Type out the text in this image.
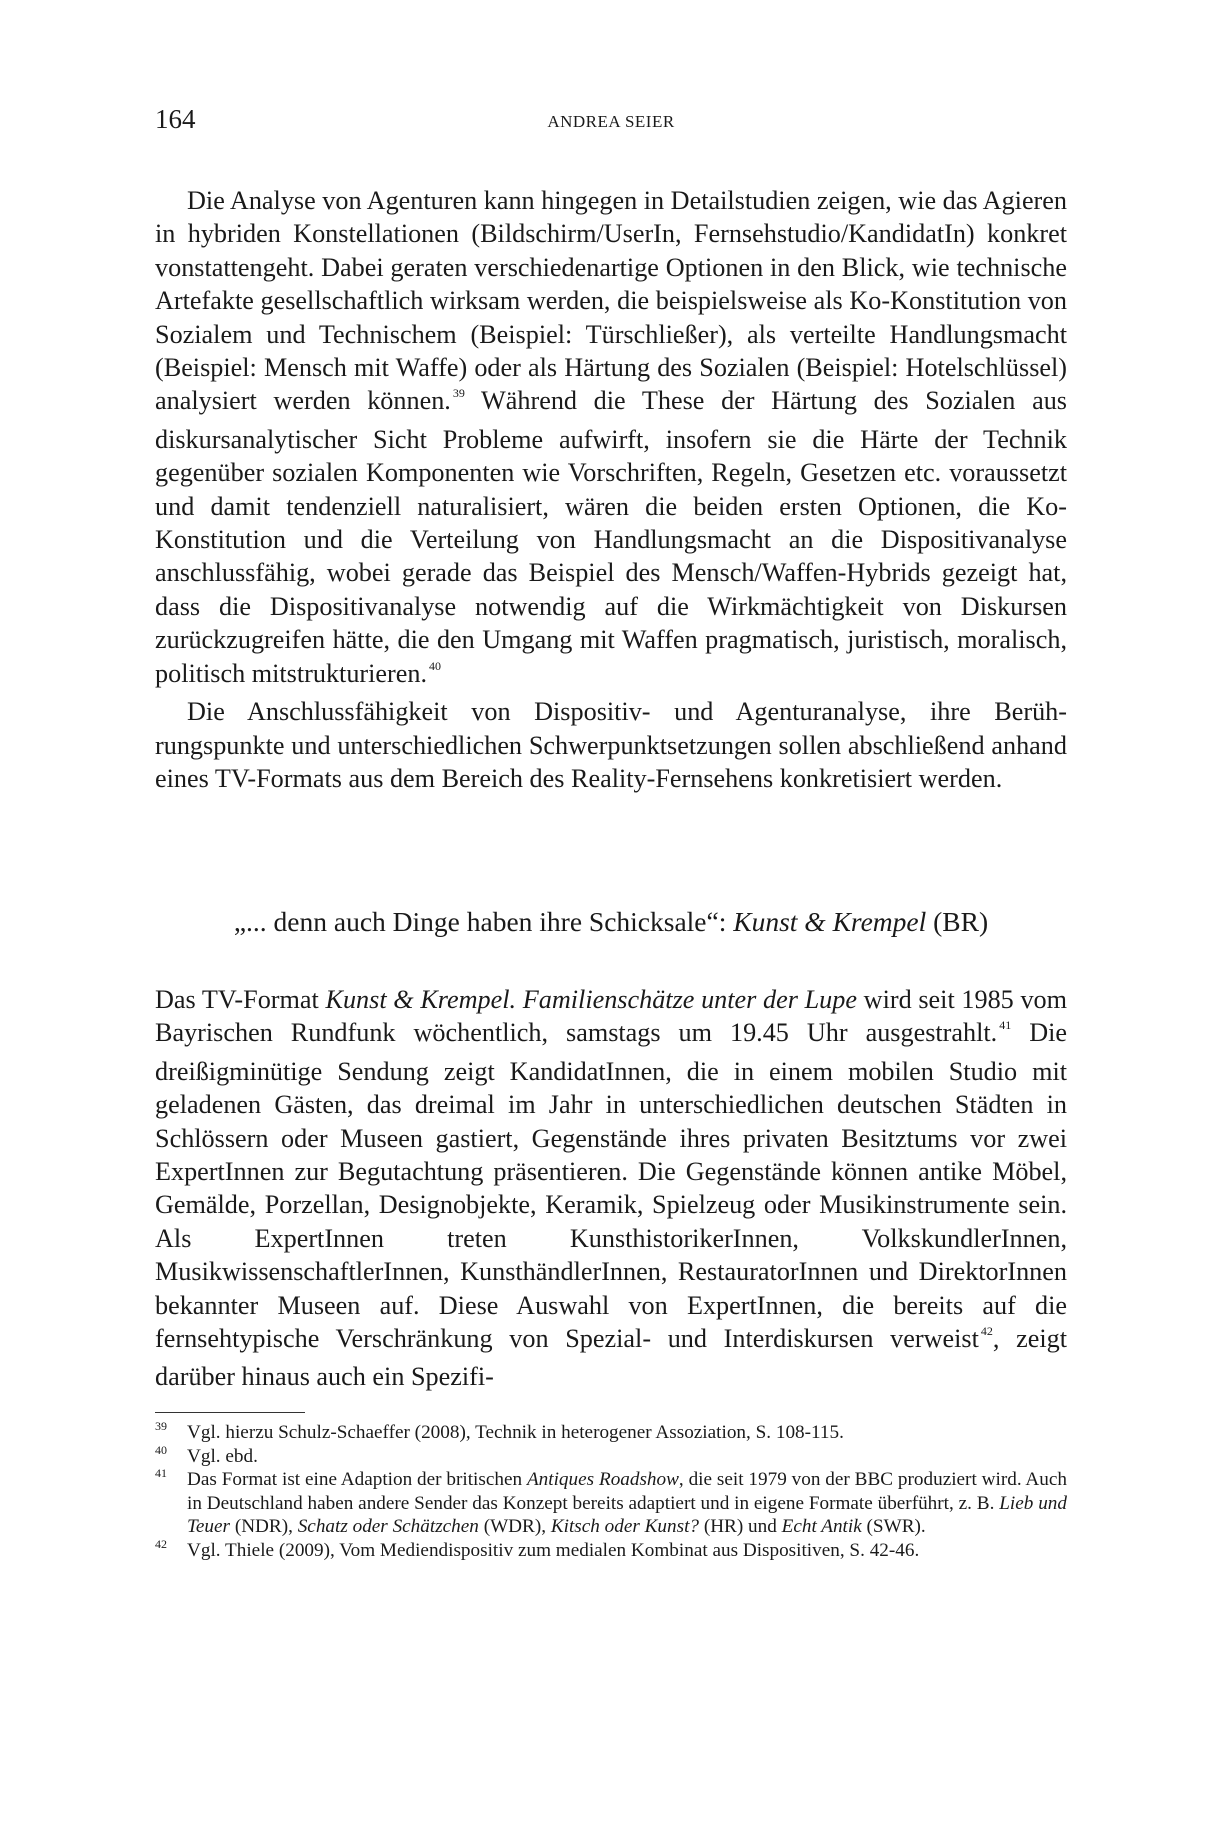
164	ANDREA SEIER

Die Analyse von Agenturen kann hingegen in Detailstudien zeigen, wie das Agieren in hybriden Konstellationen (Bildschirm/UserIn, Fernsehstudio/KandidatIn) konkret vonstattengeht. Dabei geraten verschiedenartige Optionen in den Blick, wie technische Artefakte gesellschaftlich wirksam werden, die beispielsweise als Ko-Konstitution von Sozialem und Technischem (Beispiel: Türschließer), als verteilte Handlungsmacht (Beispiel: Mensch mit Waffe) oder als Härtung des Sozialen (Beispiel: Hotelschlüssel) analysiert werden können. $^{39}$ Während die These der Härtung des Sozialen aus diskursanalytischer Sicht Probleme aufwirft, insofern sie die Härte der Technik gegenüber sozialen Komponenten wie Vorschriften, Regeln, Gesetzen etc. voraussetzt und damit tendenziell naturalisiert, wären die beiden ersten Optionen, die Ko-Konstitution und die Verteilung von Handlungsmacht an die Dispositivanalyse anschlussfähig, wobei gerade das Beispiel des Mensch/Waffen-Hybrids gezeigt hat, dass die Dispositivanalyse notwendig auf die Wirkmächtigkeit von Diskursen zurückzugreifen hätte, die den Umgang mit Waffen pragmatisch, juristisch, moralisch, politisch mitstrukturieren. $^{40}$

Die Anschlussfähigkeit von Dispositiv- und Agenturanalyse, ihre Berührungspunkte und unterschiedlichen Schwerpunktsetzungen sollen abschließend anhand eines TV-Formats aus dem Bereich des Reality-Fernsehens konkretisiert werden.

„... denn auch Dinge haben ihre Schicksale“: Kunst & Krempel (BR)

Das TV-Format Kunst & Krempel. Familienschätze unter der Lupe wird seit 1985 vom Bayrischen Rundfunk wöchentlich, samstags um 19.45 Uhr ausgestrahlt. $^{41}$ Die dreißigminütige Sendung zeigt KandidatInnen, die in einem mobilen Studio mit geladenen Gästen, das dreimal im Jahr in unterschiedlichen deutschen Städten in Schlössern oder Museen gastiert, Gegenstände ihres privaten Besitztums vor zwei ExpertInnen zur Begutachtung präsentieren. Die Gegenstände können antike Möbel, Gemälde, Porzellan, Designobjekte, Keramik, Spielzeug oder Musikinstrumente sein. Als ExpertInnen treten KunsthistorikerInnen, VolkskundlerInnen, MusikwissenschaftlerInnen, KunsthändlerInnen, RestauratorInnen und DirektorInnen bekannter Museen auf. Diese Auswahl von ExpertInnen, die bereits auf die fernsehtypische Verschränkung von Spezial- und Interdiskursen verweist $^{42}$, zeigt darüber hinaus auch ein Spezifi-

39 Vgl. hierzu Schulz-Schaeffer (2008), Technik in heterogener Assoziation, S. 108-115.
40 Vgl. ebd.
41 Das Format ist eine Adaption der britischen Antiques Roadshow, die seit 1979 von der BBC produziert wird. Auch in Deutschland haben andere Sender das Konzept bereits adaptiert und in eigene Formate überführt, z. B. Lieb und Teuer (NDR), Schatz oder Schätzchen (WDR), Kitsch oder Kunst? (HR) und Echt Antik (SWR).
42 Vgl. Thiele (2009), Vom Mediendispositiv zum medialen Kombinat aus Dispositiven, S. 42-46.
